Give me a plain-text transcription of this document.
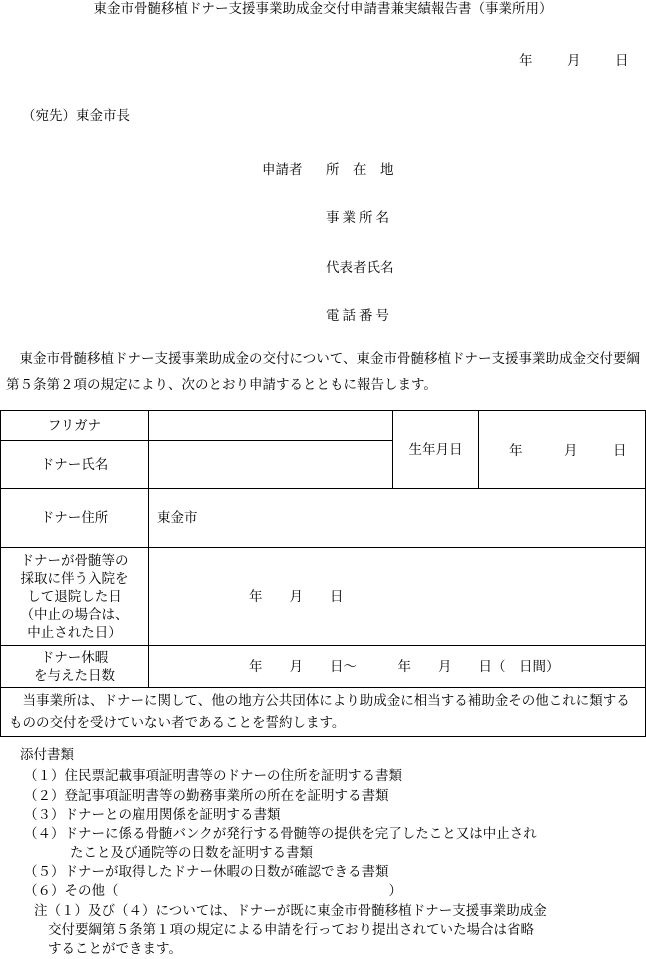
東金市骨髄移植ドナー支援事業助成金交付申請書兼実績報告書（事業所用）
年	月	日
（宛先）東金市長
申請者 所　在　地
事業所名
代表者氏名
電話番号
　東金市骨髄移植ドナー支援事業助成金の交付について、東金市骨髄移植ドナー支援事業助成金交付要綱第５条第２項の規定により、次のとおり申請するとともに報告します。
フリガナ		生年月日	年 月 日

ドナー氏名			
ドナー住所	東金市		

ドナーが骨髄等の
採取に伴う入院を
して退院した日
（中止の場合は、
中止された日）	年　　月　　日		

ドナー休暇
を与えた日数	年　　月　　日～　　　年　　月　　日（　日間）		
　当事業所は、ドナーに関して、他の地方公共団体により助成金に相当する補助金その他これに類するものの交付を受けていない者であることを誓約します。			
添付書類
（１）住民票記載事項証明書等のドナーの住所を証明する書類
（２）登記事項証明書等の勤務事業所の所在を証明する書類
（３）ドナーとの雇用関係を証明する書類
（４）ドナーに係る骨髄バンクが発行する骨髄等の提供を完了したこと又は中止され
たこと及び通院等の日数を証明する書類
（５）ドナーが取得したドナー休暇の日数が確認できる書類
（６）その他（　　　　　　　　　　　　　　　　　　　　）
注（１）及び（４）については、ドナーが既に東金市骨髄移植ドナー支援事業助成金
交付要綱第５条第１項の規定による申請を行っており提出されていた場合は省略
することができます。
